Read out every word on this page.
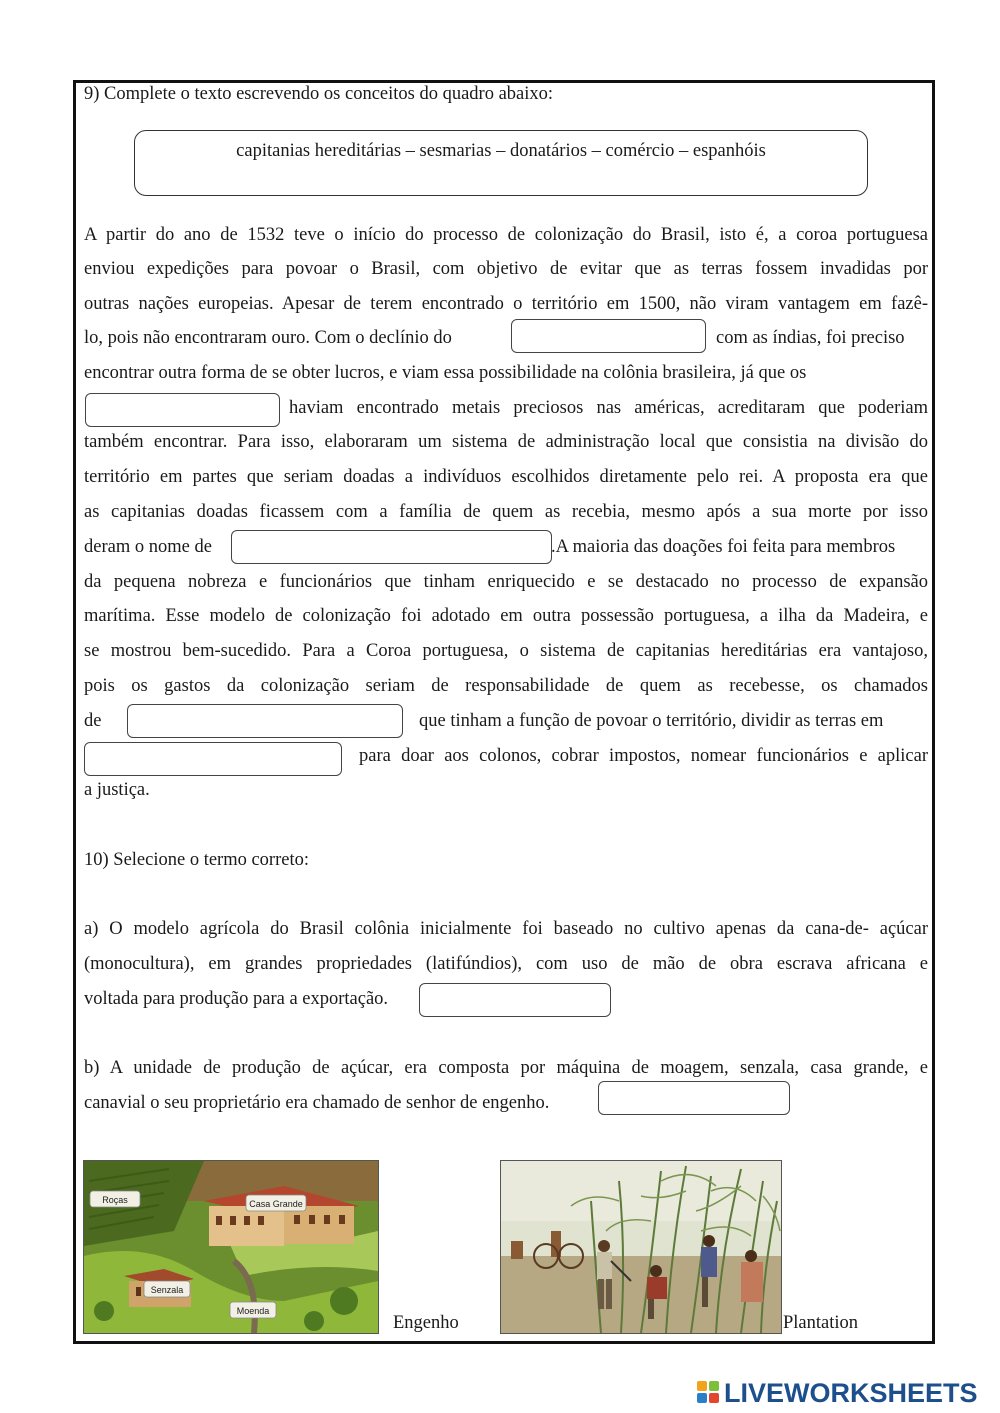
9) Complete o texto escrevendo os conceitos do quadro abaixo:
capitanias hereditárias – sesmarias – donatários – comércio – espanhóis
A partir do ano de 1532 teve o início do processo de colonização do Brasil, isto é, a coroa portuguesa
enviou expedições para povoar o Brasil, com objetivo de evitar que as terras fossem invadidas por
outras nações europeias. Apesar de terem encontrado o território em 1500, não viram vantagem em fazê-
lo, pois não encontraram ouro. Com o declínio do	com as índias, foi preciso
encontrar outra forma de se obter lucros, e viam essa possibilidade na colônia brasileira, já que os
haviam encontrado metais preciosos nas américas, acreditaram que poderiam
também encontrar. Para isso, elaboraram um sistema de administração local que consistia na divisão do
território em partes que seriam doadas a indivíduos escolhidos diretamente pelo rei. A proposta era que
as capitanias doadas ficassem com a família de quem as recebia, mesmo após a sua morte por isso
deram o nome de	.A maioria das doações foi feita para membros
da pequena nobreza e funcionários que tinham enriquecido e se destacado no processo de expansão
marítima. Esse modelo de colonização foi adotado em outra possessão portuguesa, a ilha da Madeira, e
se mostrou bem-sucedido. Para a Coroa portuguesa, o sistema de capitanias hereditárias era vantajoso,
pois os gastos da colonização seriam de responsabilidade de quem as recebesse, os chamados
de	que tinham a função de povoar o território, dividir as terras em
para doar aos colonos, cobrar impostos, nomear funcionários e aplicar
a justiça.
10) Selecione o termo correto:
a) O modelo agrícola do Brasil colônia inicialmente foi baseado no cultivo apenas da cana-de- açúcar
(monocultura), em grandes propriedades (latifúndios), com uso de mão de obra escrava africana e
voltada para produção para a exportação.
b) A unidade de produção de açúcar, era composta por máquina de moagem, senzala, casa grande, e
canavial o seu proprietário era chamado de senhor de engenho.
Roças	Casa Grande
Senzala
Moenda
Engenho	Plantation
LIVEWORKSHEETS
